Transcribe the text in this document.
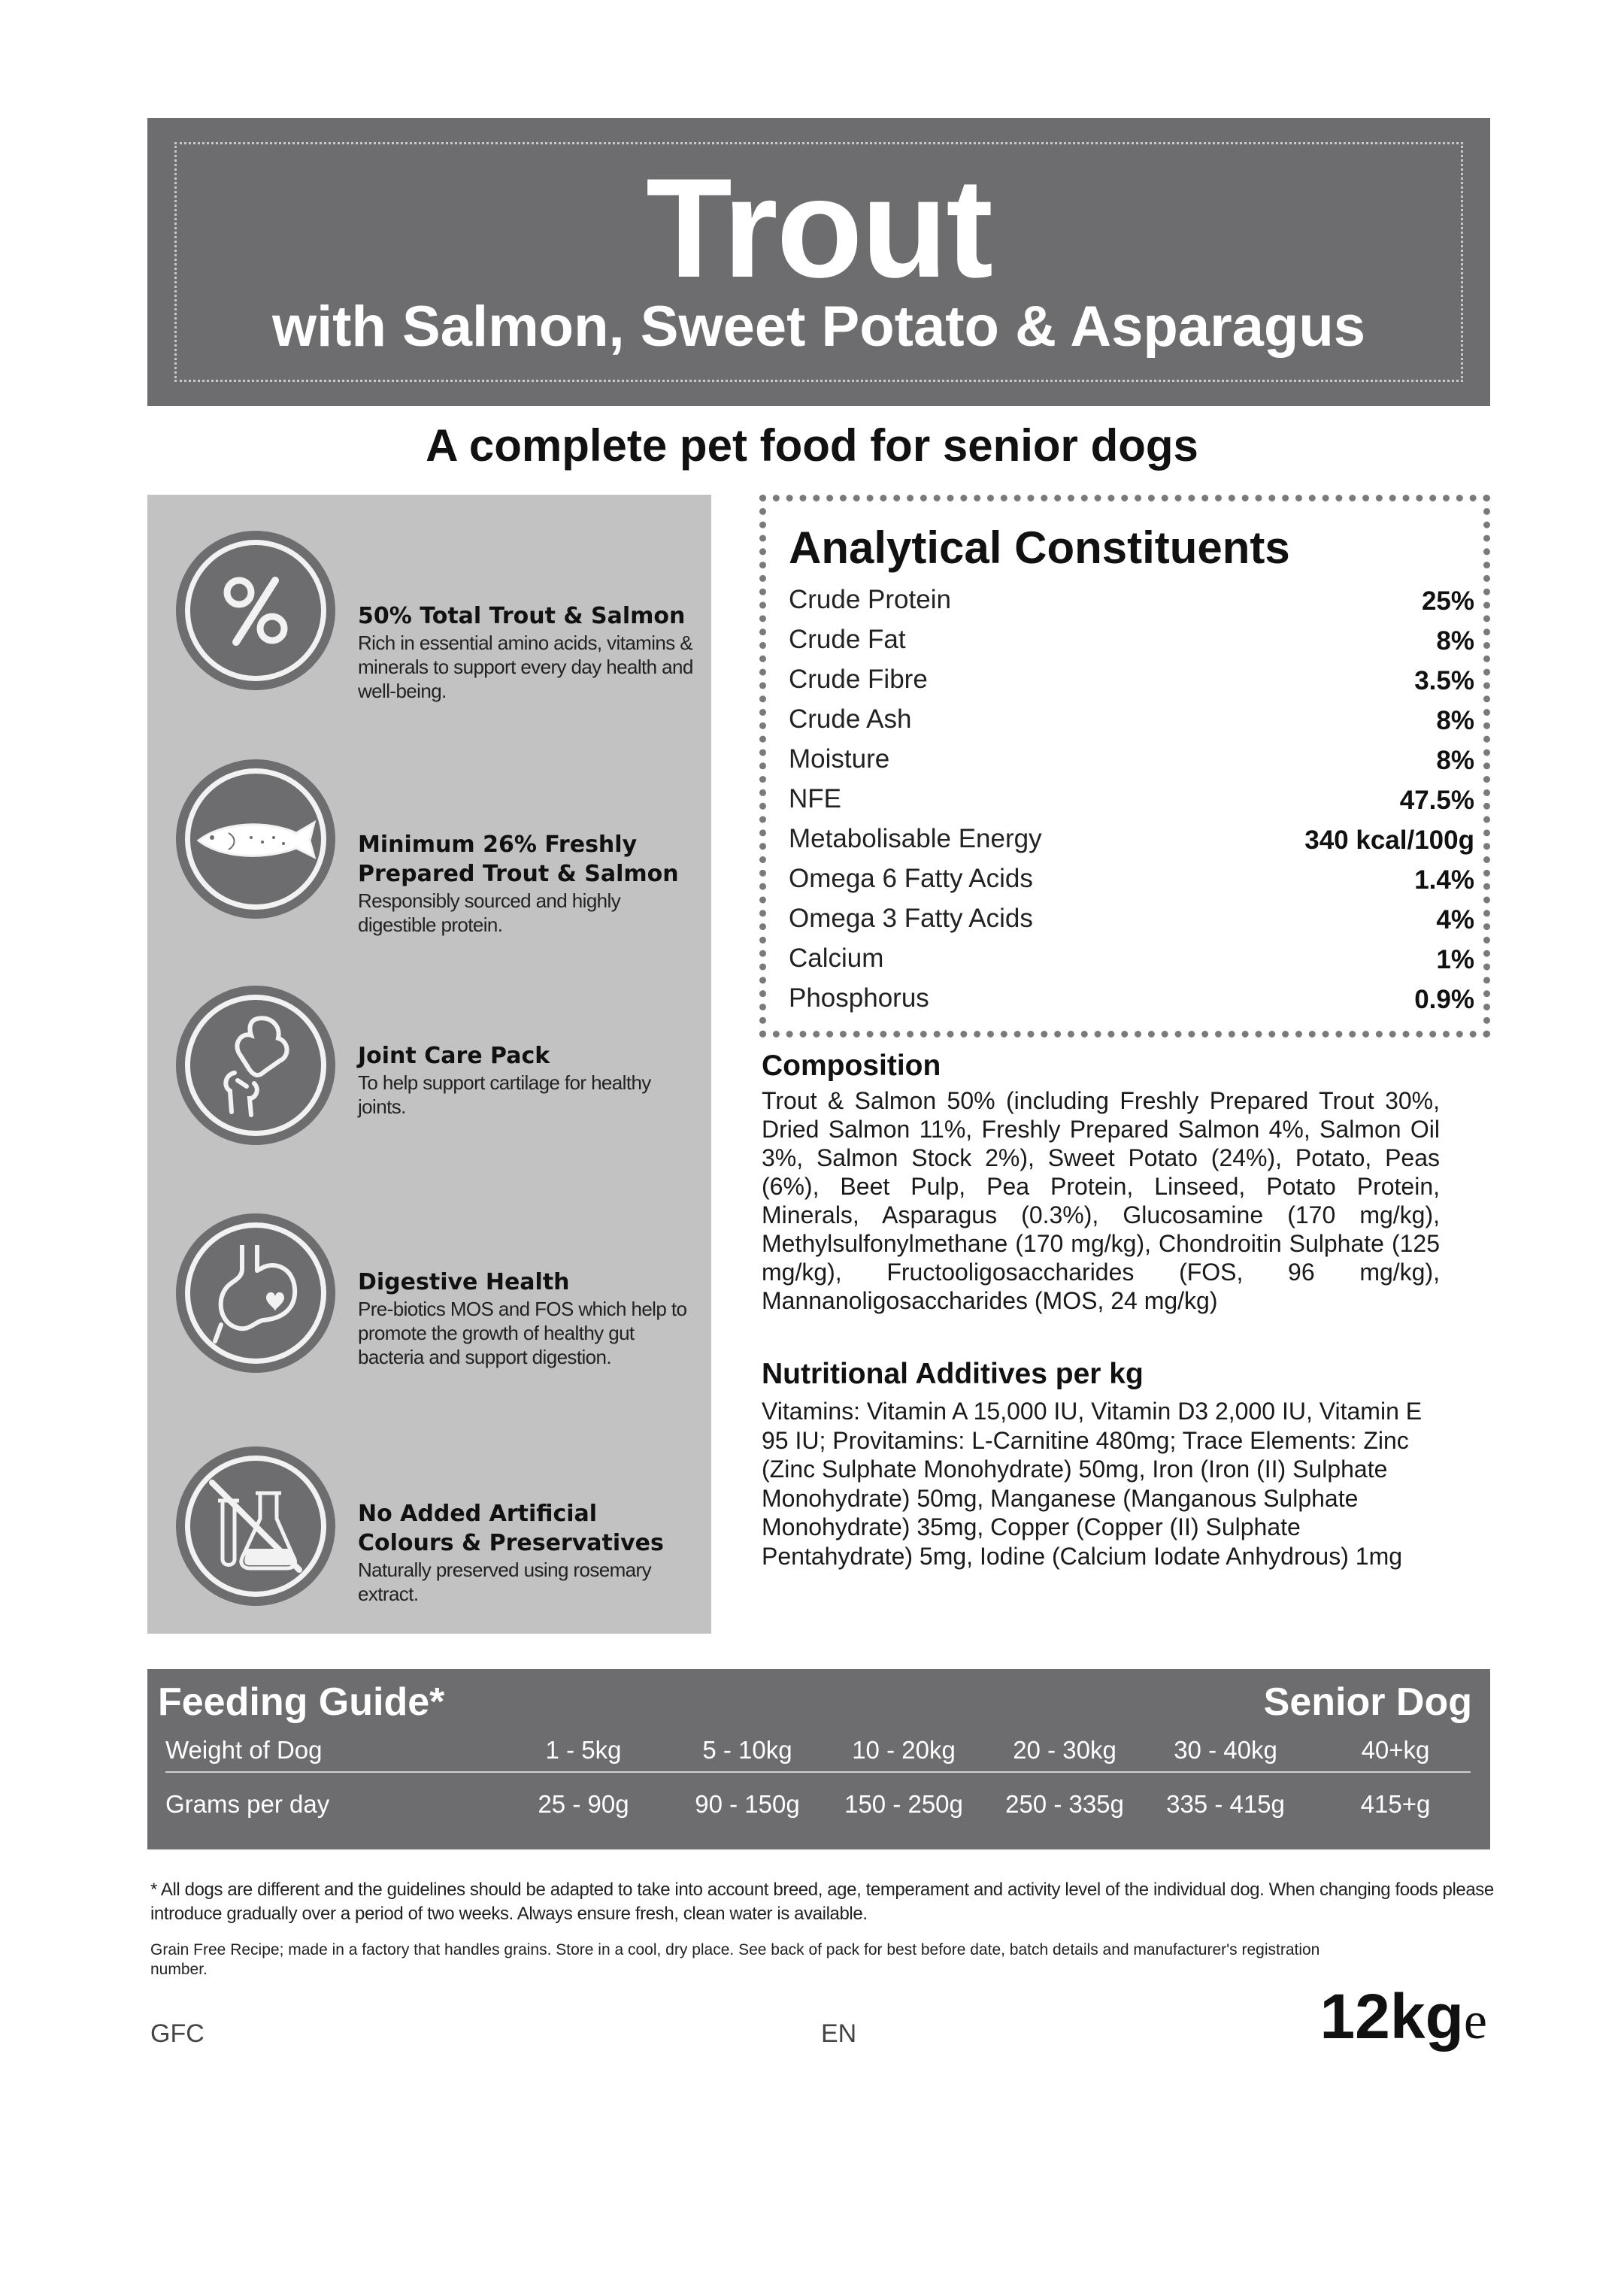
Trout
with Salmon, Sweet Potato & Asparagus
A complete pet food for senior dogs
50% Total Trout & Salmon
Rich in essential amino acids, vitamins & minerals to support every day health and well-being.
Minimum 26% Freshly Prepared Trout & Salmon
Responsibly sourced and highly digestible protein.
Joint Care Pack
To help support cartilage for healthy joints.
Digestive Health
Pre-biotics MOS and FOS which help to promote the growth of healthy gut bacteria and support digestion.
No Added Artificial Colours & Preservatives
Naturally preserved using rosemary extract.
Analytical Constituents
Crude Protein	25%
Crude Fat	8%
Crude Fibre	3.5%
Crude Ash	8%
Moisture	8%
NFE	47.5%
Metabolisable Energy	340 kcal/100g
Omega 6 Fatty Acids	1.4%
Omega 3 Fatty Acids	4%
Calcium	1%
Phosphorus	0.9%
Composition
Trout & Salmon 50% (including Freshly Prepared Trout 30%, Dried Salmon 11%, Freshly Prepared Salmon 4%, Salmon Oil 3%, Salmon Stock 2%), Sweet Potato (24%), Potato, Peas (6%), Beet Pulp, Pea Protein, Linseed, Potato Protein, Minerals, Asparagus (0.3%), Glucosamine (170 mg/kg), Methylsulfonylmethane (170 mg/kg), Chondroitin Sulphate (125 mg/kg), Fructooligosaccharides (FOS, 96 mg/kg), Mannanoligosaccharides (MOS, 24 mg/kg)
Nutritional Additives per kg
Vitamins: Vitamin A 15,000 IU, Vitamin D3 2,000 IU, Vitamin E 95 IU; Provitamins: L-Carnitine 480mg; Trace Elements: Zinc (Zinc Sulphate Monohydrate) 50mg, Iron (Iron (II) Sulphate Monohydrate) 50mg, Manganese (Manganous Sulphate Monohydrate) 35mg, Copper (Copper (II) Sulphate Pentahydrate) 5mg, Iodine (Calcium Iodate Anhydrous) 1mg
Feeding Guide*	Senior Dog
Weight of Dog	1 - 5kg	5 - 10kg	10 - 20kg	20 - 30kg	30 - 40kg	40+kg
Grams per day	25 - 90g	90 - 150g	150 - 250g	250 - 335g	335 - 415g	415+g
* All dogs are different and the guidelines should be adapted to take into account breed, age, temperament and activity level of the individual dog. When changing foods please introduce gradually over a period of two weeks. Always ensure fresh, clean water is available.
Grain Free Recipe; made in a factory that handles grains. Store in a cool, dry place. See back of pack for best before date, batch details and manufacturer's registration number.
GFC	EN	12kge
